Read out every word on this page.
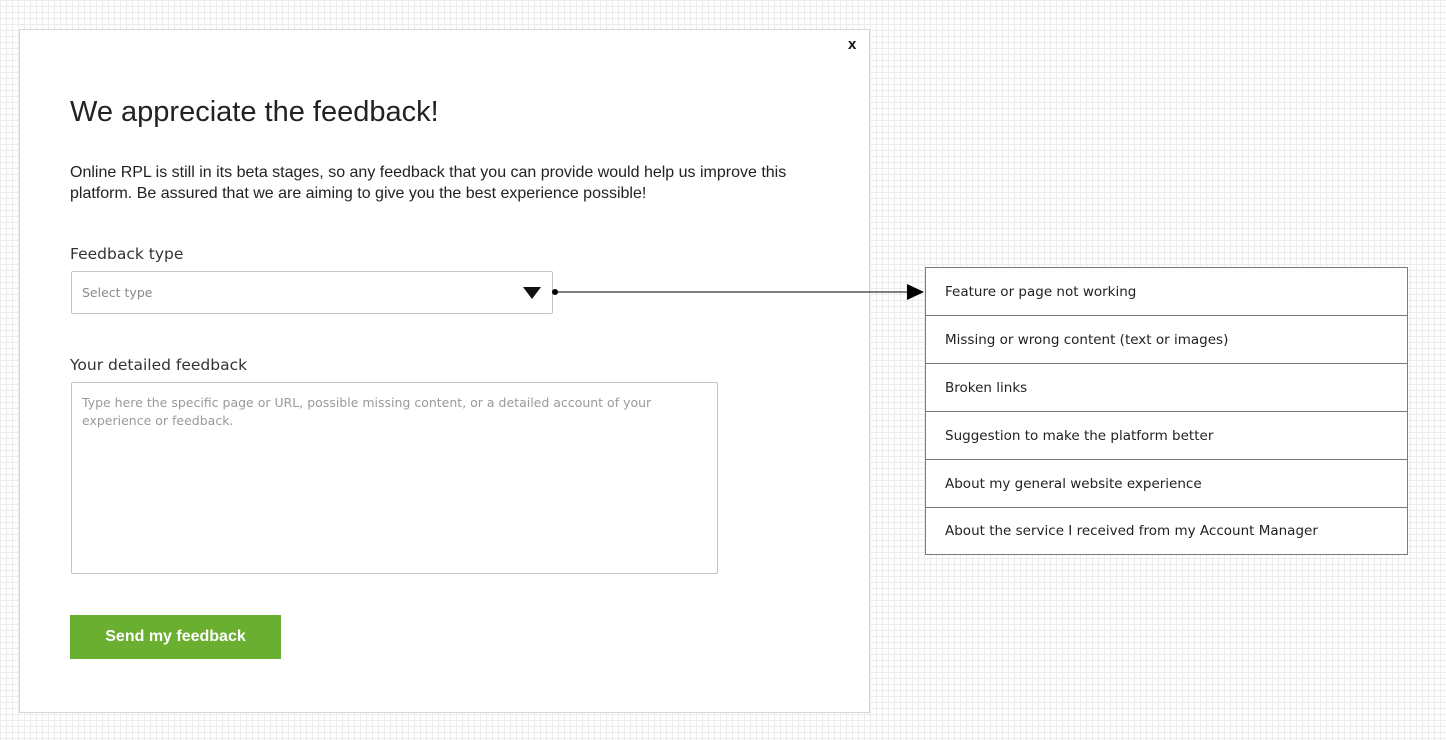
x
We appreciate the feedback!

Online RPL is still in its beta stages, so any feedback that you can provide would help us improve this
platform. Be assured that we are aiming to give you the best experience possible!

Feedback type
Select type
Your detailed feedback
Type here the specific page or URL, possible missing content, or a detailed account of your experience or feedback.
Send my feedback
Feature or page not working
Missing or wrong content (text or images)
Broken links
Suggestion to make the platform better
About my general website experience
About the service I received from my Account Manager
